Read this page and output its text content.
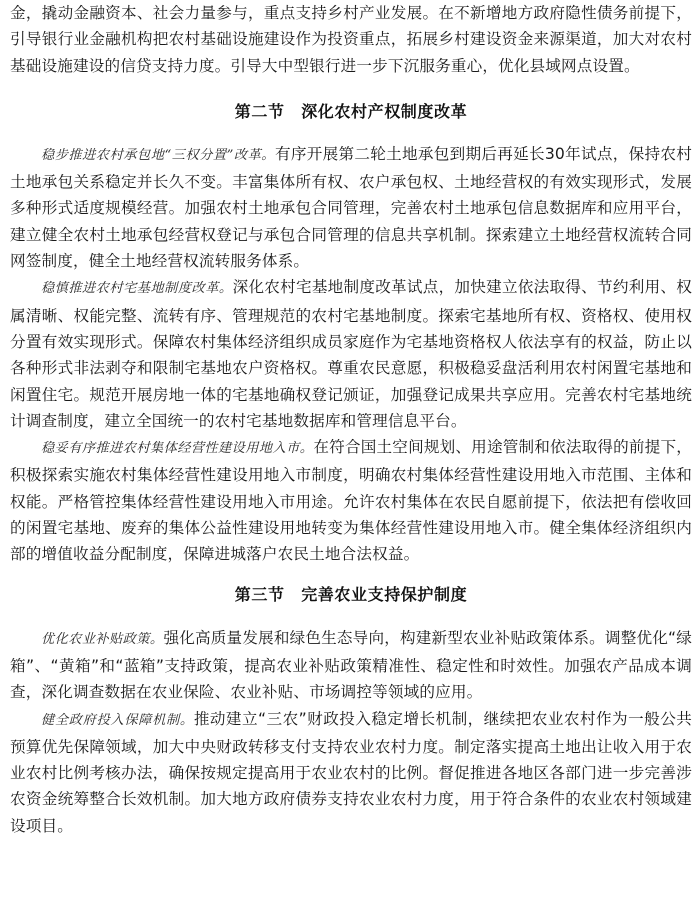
金，撬动金融资本、社会力量参与，重点支持乡村产业发展。在不新增地方政府隐性债务前提下，引导银行业金融机构把农村基础设施建设作为投资重点，拓展乡村建设资金来源渠道，加大对农村基础设施建设的信贷支持力度。引导大中型银行进一步下沉服务重心，优化县域网点设置。

第二节　深化农村产权制度改革

稳步推进农村承包地“三权分置”改革。有序开展第二轮土地承包到期后再延长30年试点，保持农村土地承包关系稳定并长久不变。丰富集体所有权、农户承包权、土地经营权的有效实现形式，发展多种形式适度规模经营。加强农村土地承包合同管理，完善农村土地承包信息数据库和应用平台，建立健全农村土地承包经营权登记与承包合同管理的信息共享机制。探索建立土地经营权流转合同网签制度，健全土地经营权流转服务体系。

稳慎推进农村宅基地制度改革。深化农村宅基地制度改革试点，加快建立依法取得、节约利用、权属清晰、权能完整、流转有序、管理规范的农村宅基地制度。探索宅基地所有权、资格权、使用权分置有效实现形式。保障农村集体经济组织成员家庭作为宅基地资格权人依法享有的权益，防止以各种形式非法剥夺和限制宅基地农户资格权。尊重农民意愿，积极稳妥盘活利用农村闲置宅基地和闲置住宅。规范开展房地一体的宅基地确权登记颁证，加强登记成果共享应用。完善农村宅基地统计调查制度，建立全国统一的农村宅基地数据库和管理信息平台。

稳妥有序推进农村集体经营性建设用地入市。在符合国土空间规划、用途管制和依法取得的前提下，积极探索实施农村集体经营性建设用地入市制度，明确农村集体经营性建设用地入市范围、主体和权能。严格管控集体经营性建设用地入市用途。允许农村集体在农民自愿前提下，依法把有偿收回的闲置宅基地、废弃的集体公益性建设用地转变为集体经营性建设用地入市。健全集体经济组织内部的增值收益分配制度，保障进城落户农民土地合法权益。

第三节　完善农业支持保护制度

优化农业补贴政策。强化高质量发展和绿色生态导向，构建新型农业补贴政策体系。调整优化“绿箱”、“黄箱”和“蓝箱”支持政策，提高农业补贴政策精准性、稳定性和时效性。加强农产品成本调查，深化调查数据在农业保险、农业补贴、市场调控等领域的应用。

健全政府投入保障机制。推动建立“三农”财政投入稳定增长机制，继续把农业农村作为一般公共预算优先保障领域，加大中央财政转移支付支持农业农村力度。制定落实提高土地出让收入用于农业农村比例考核办法，确保按规定提高用于农业农村的比例。督促推进各地区各部门进一步完善涉农资金统筹整合长效机制。加大地方政府债券支持农业农村力度，用于符合条件的农业农村领域建设项目。
